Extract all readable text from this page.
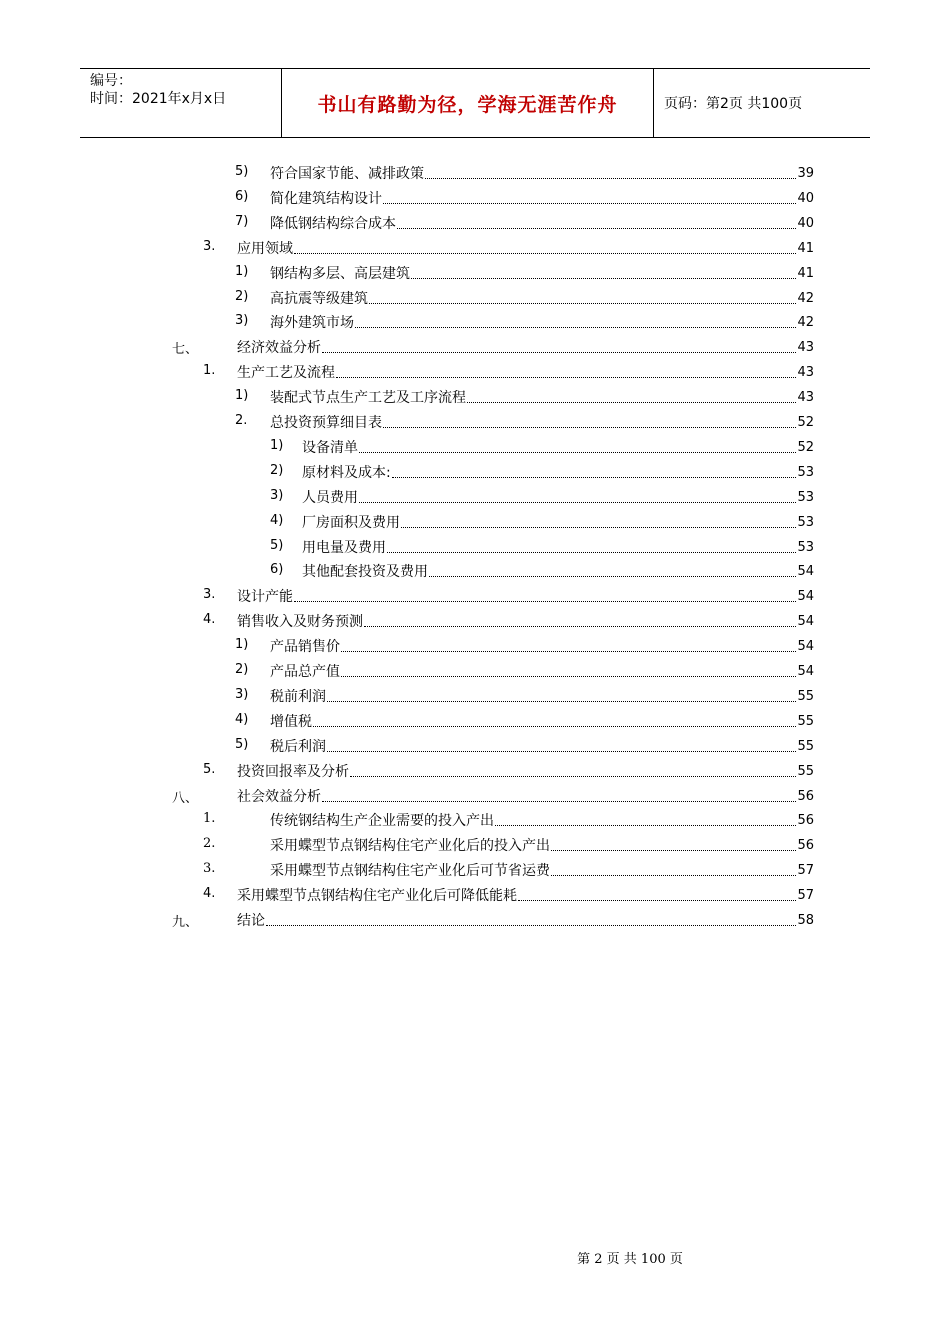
编号：
时间：2021年x月x日	书山有路勤为径，学海无涯苦作舟	页码：第2页 共100页
5) 符合国家节能、减排政策	39
6) 简化建筑结构设计	40
7) 降低钢结构综合成本	40
3. 应用领域	41
1) 钢结构多层、高层建筑	41
2) 高抗震等级建筑	42
3) 海外建筑市场	42
七、	经济效益分析	43
1. 生产工艺及流程	43
1) 装配式节点生产工艺及工序流程	43
2. 总投资预算细目表	52
1) 设备清单	52
2) 原材料及成本:	53
3) 人员费用	53
4) 厂房面积及费用	53
5) 用电量及费用	53
6) 其他配套投资及费用	54
3. 设计产能	54
4. 销售收入及财务预测	54
1) 产品销售价	54
2) 产品总产值	54
3) 税前利润	55
4) 增值税	55
5) 税后利润	55
5. 投资回报率及分析	55
八、	社会效益分析	56
1.	传统钢结构生产企业需要的投入产出	56
2.	采用蝶型节点钢结构住宅产业化后的投入产出	56
3.	采用蝶型节点钢结构住宅产业化后可节省运费	57
4. 采用蝶型节点钢结构住宅产业化后可降低能耗	57
九、	结论	58
第 2 页 共 100 页
